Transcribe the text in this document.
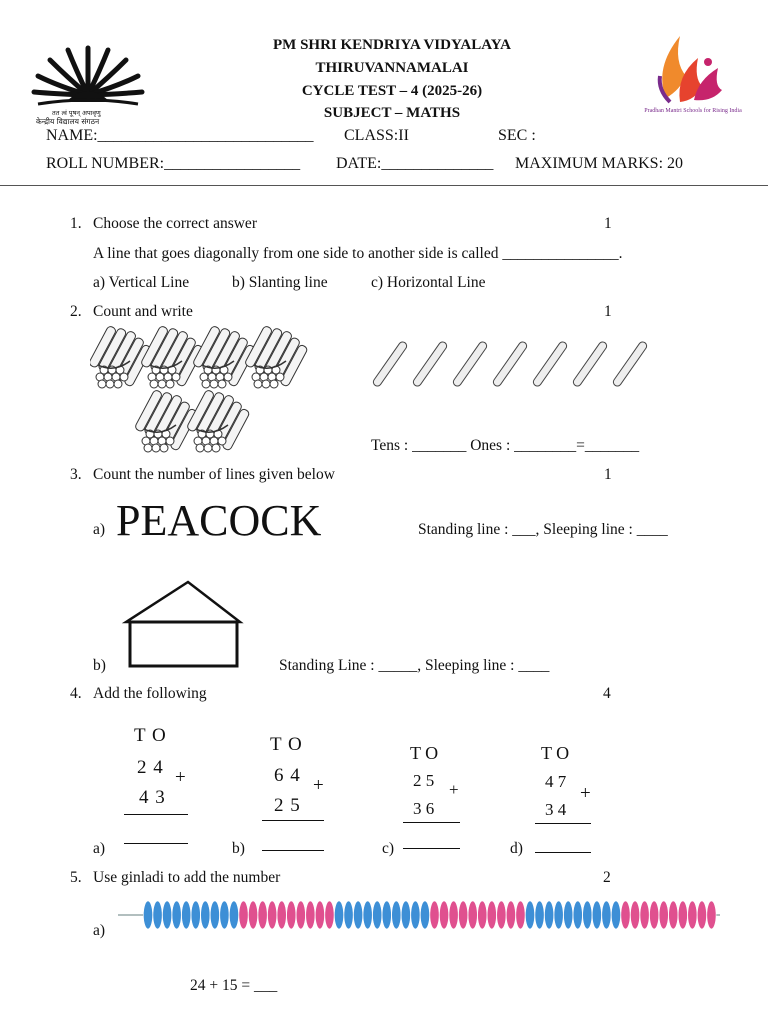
तत त्वं पूषन् अपावृणु
केन्द्रीय विद्यालय संगठन
PM SHRI KENDRIYA VIDYALAYA
THIRUVANNAMALAI
CYCLE TEST – 4 (2025-26)
SUBJECT – MATHS	Pradhan Mantri Schools for Rising India
NAME:___________________________ CLASS:II	SEC :
ROLL NUMBER:_________________ DATE:______________ MAXIMUM MARKS: 20
1. Choose the correct answer	1
A line that goes diagonally from one side to another side is called _______________.
a) Vertical Line	b) Slanting line	c) Horizontal Line
2. Count and write	1
Tens : _______ Ones : ________=_______
3. Count the number of lines given below	1
a) PEACOCK	Standing line : ___, Sleeping line : ____
b)	Standing Line : _____, Sleeping line : ____
4. Add the following	4
T O
2 4 +
4 3
a)
T O
6 4 +
2 5
b)
T O
2 5 +
3 6
c)
T O
4 7
+
3 4
d)
5. Use ginladi to add the number	2
a)
24 + 15 = ___
